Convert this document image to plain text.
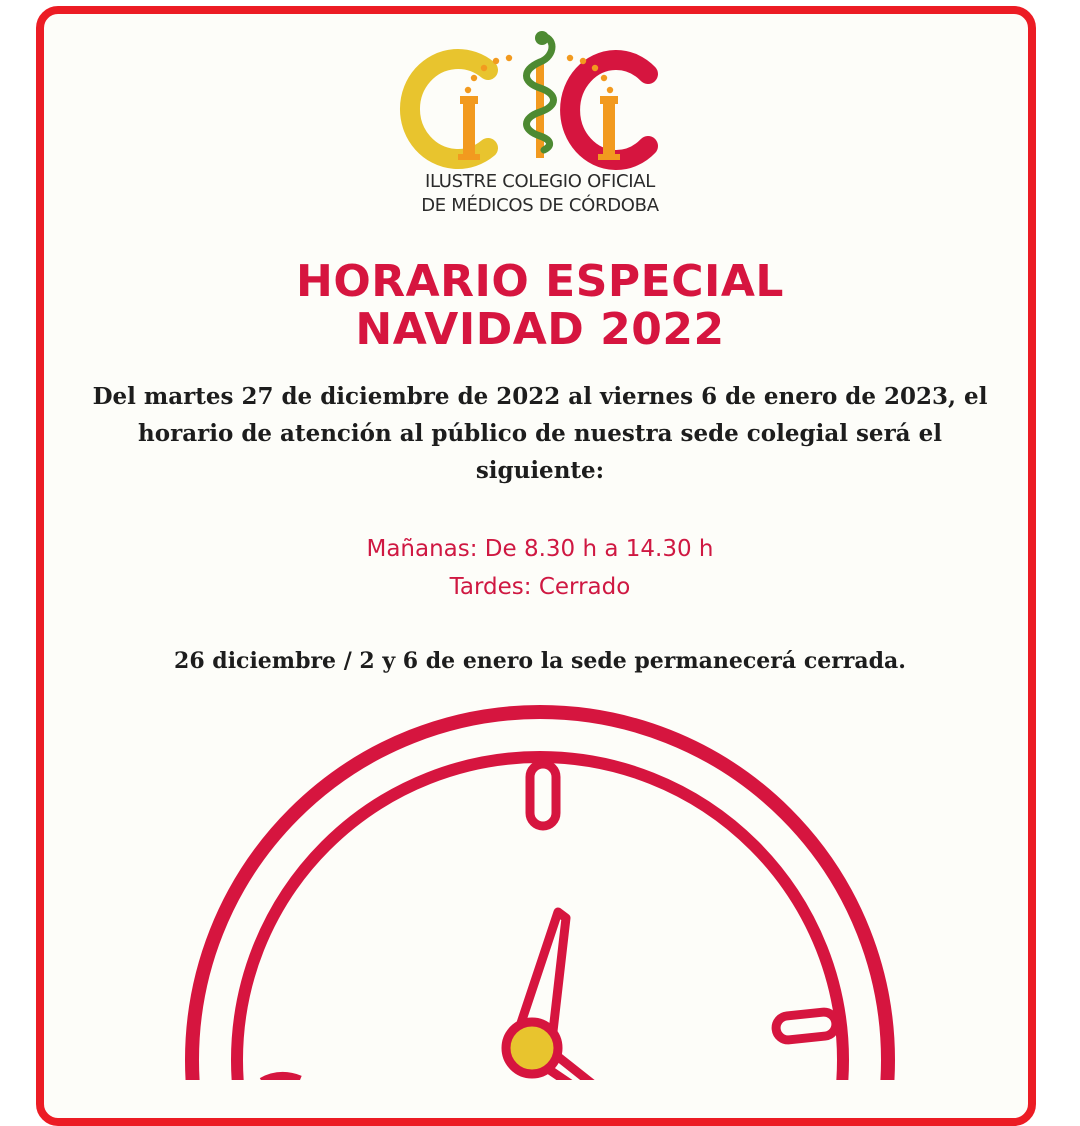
ILUSTRE COLEGIO OFICIAL
DE MÉDICOS DE CÓRDOBA
HORARIO ESPECIAL
NAVIDAD 2022
Del martes 27 de diciembre de 2022 al viernes 6 de enero de 2023, el horario de atención al público de nuestra sede colegial será el siguiente:
Mañanas: De 8.30 h a 14.30 h
Tardes: Cerrado
26 diciembre / 2 y 6 de enero la sede permanecerá cerrada.
